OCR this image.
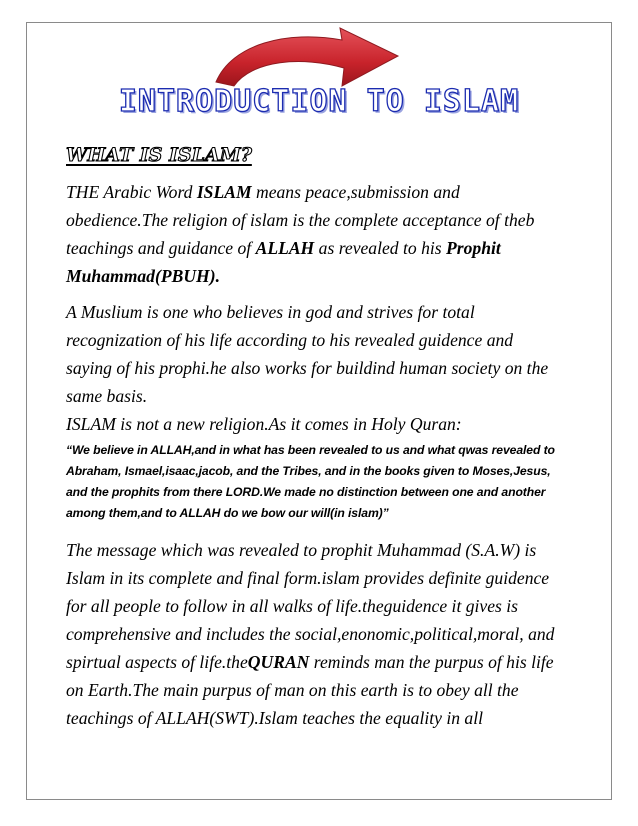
INTRODUCTION TO ISLAM
WHAT IS ISLAM?

THE Arabic Word ISLAM means peace,submission and obedience.The religion of islam is the complete acceptance of theb teachings and guidance of ALLAH as revealed to his Prophit Muhammad(PBUH).

A Muslium is one who believes in god and strives for total recognization of his life according to his revealed guidence and saying of his prophi.he also works for buildind human society on the same basis.

ISLAM is not a new religion.As it comes in Holy Quran:

“We believe in ALLAH,and in what has been revealed to us and what qwas revealed to Abraham, Ismael,isaac,jacob, and the Tribes, and in the books given to Moses,Jesus, and the prophits from there LORD.We made no distinction between one and another among them,and to ALLAH do we bow our will(in islam)”

The message which was revealed to prophit Muhammad (S.A.W) is Islam in its complete and final form.islam provides definite guidence for all people to follow in all walks of life.theguidence it gives is comprehensive and includes the social,enonomic,political,moral, and spirtual aspects of life.theQURAN reminds man the purpus of his life on Earth.The main purpus of man on this earth is to obey all the teachings of ALLAH(SWT).Islam teaches the equality in all
